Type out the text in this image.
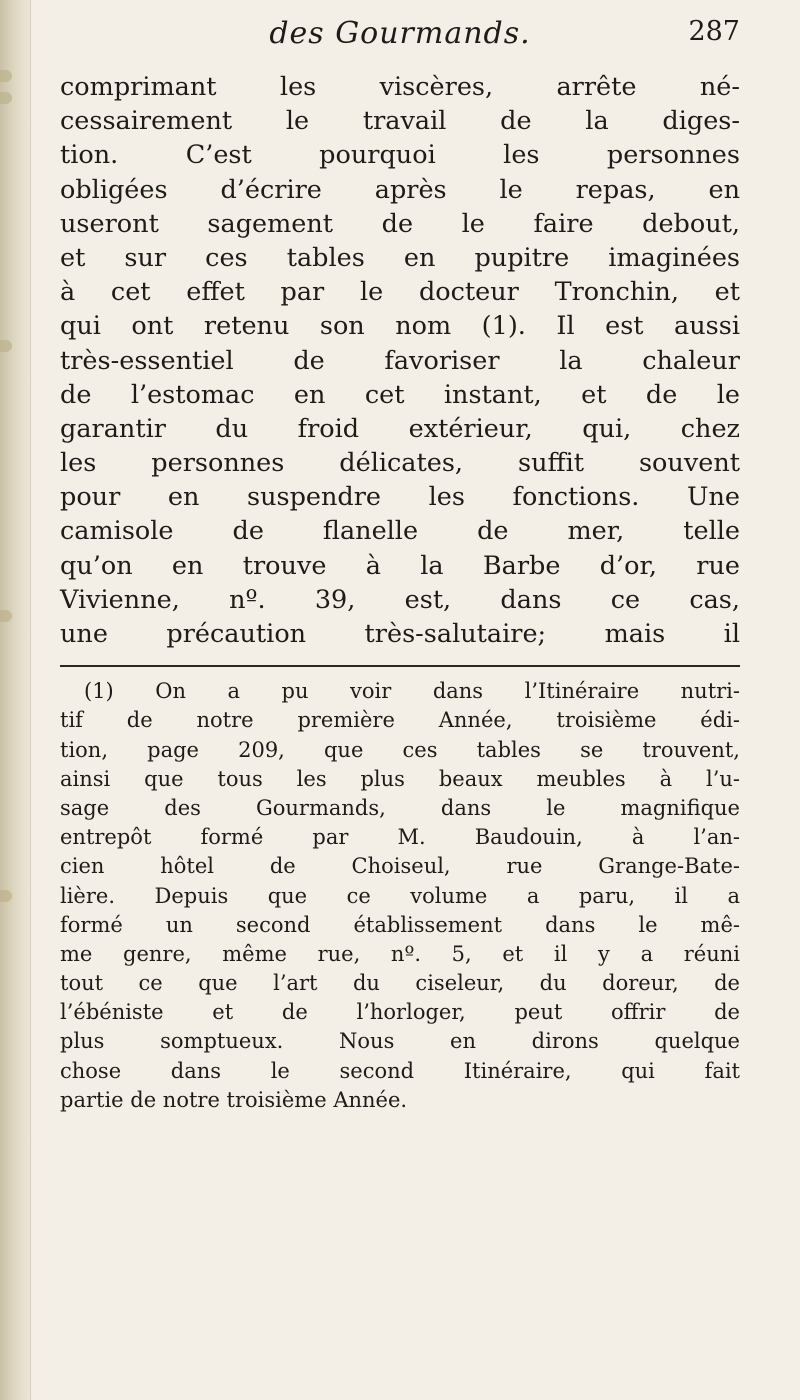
des Gourmands.	287
comprimant les viscères, arrête né-
cessairement le travail de la diges-
tion. C’est pourquoi les personnes
obligées d’écrire après le repas, en
useront sagement de le faire debout,
et sur ces tables en pupitre imaginées
à cet effet par le docteur Tronchin, et
qui ont retenu son nom (1). Il est aussi
très-essentiel de favoriser la chaleur
de l’estomac en cet instant, et de le
garantir du froid extérieur, qui, chez
les personnes délicates, suffit souvent
pour en suspendre les fonctions. Une
camisole de flanelle de mer, telle
qu’on en trouve à la Barbe d’or, rue
Vivienne, nº. 39, est, dans ce cas,
une précaution très-salutaire; mais il
(1) On a pu voir dans l’Itinéraire nutri-
tif de notre première Année, troisième édi-
tion, page 209, que ces tables se trouvent,
ainsi que tous les plus beaux meubles à l’u-
sage des Gourmands, dans le magnifique
entrepôt formé par M. Baudouin, à l’an-
cien hôtel de Choiseul, rue Grange-Bate-
lière. Depuis que ce volume a paru, il a
formé un second établissement dans le mê-
me genre, même rue, nº. 5, et il y a réuni
tout ce que l’art du ciseleur, du doreur, de
l’ébéniste et de l’horloger, peut offrir de
plus somptueux. Nous en dirons quelque
chose dans le second Itinéraire, qui fait
partie de notre troisième Année.
